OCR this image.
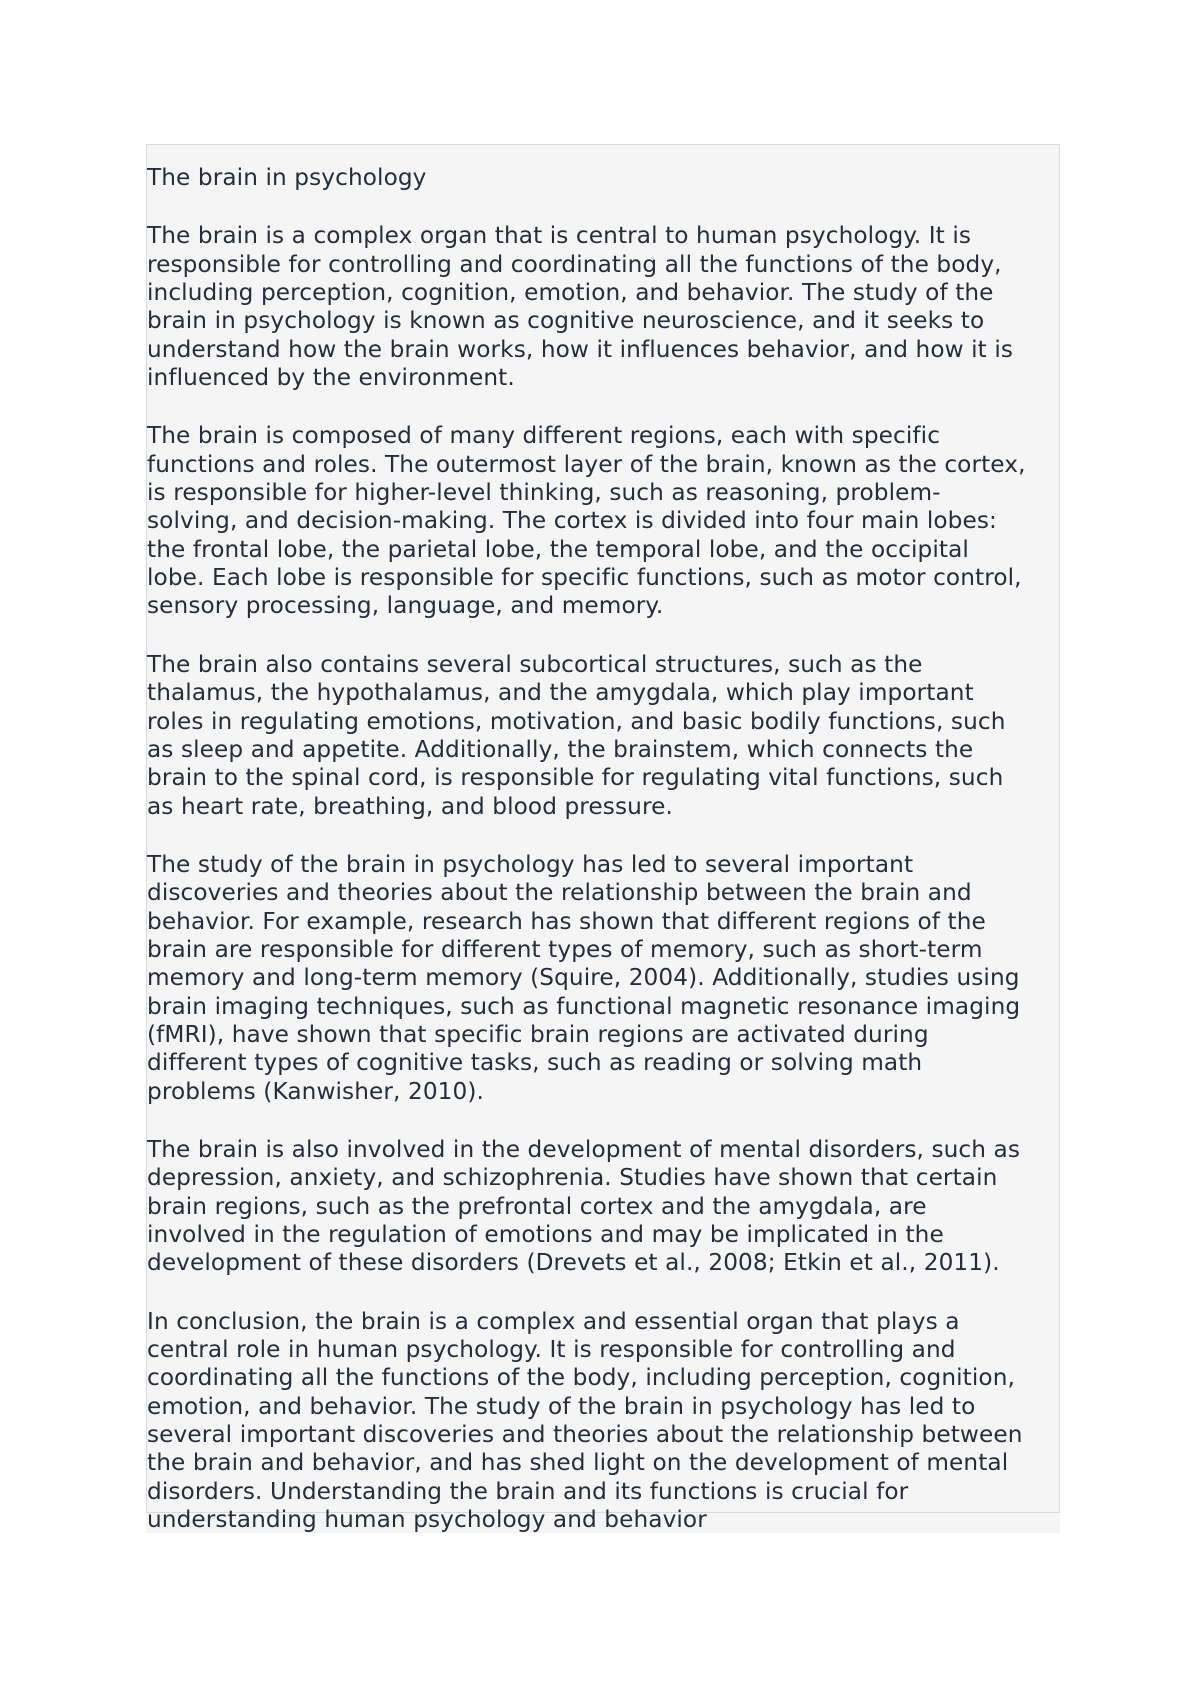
The brain in psychology

The brain is a complex organ that is central to human psychology. It is
responsible for controlling and coordinating all the functions of the body,
including perception, cognition, emotion, and behavior. The study of the
brain in psychology is known as cognitive neuroscience, and it seeks to
understand how the brain works, how it influences behavior, and how it is
influenced by the environment.

The brain is composed of many different regions, each with specific
functions and roles. The outermost layer of the brain, known as the cortex,
is responsible for higher-level thinking, such as reasoning, problem-
solving, and decision-making. The cortex is divided into four main lobes:
the frontal lobe, the parietal lobe, the temporal lobe, and the occipital
lobe. Each lobe is responsible for specific functions, such as motor control,
sensory processing, language, and memory.

The brain also contains several subcortical structures, such as the
thalamus, the hypothalamus, and the amygdala, which play important
roles in regulating emotions, motivation, and basic bodily functions, such
as sleep and appetite. Additionally, the brainstem, which connects the
brain to the spinal cord, is responsible for regulating vital functions, such
as heart rate, breathing, and blood pressure.

The study of the brain in psychology has led to several important
discoveries and theories about the relationship between the brain and
behavior. For example, research has shown that different regions of the
brain are responsible for different types of memory, such as short-term
memory and long-term memory (Squire, 2004). Additionally, studies using
brain imaging techniques, such as functional magnetic resonance imaging
(fMRI), have shown that specific brain regions are activated during
different types of cognitive tasks, such as reading or solving math
problems (Kanwisher, 2010).

The brain is also involved in the development of mental disorders, such as
depression, anxiety, and schizophrenia. Studies have shown that certain
brain regions, such as the prefrontal cortex and the amygdala, are
involved in the regulation of emotions and may be implicated in the
development of these disorders (Drevets et al., 2008; Etkin et al., 2011).

In conclusion, the brain is a complex and essential organ that plays a
central role in human psychology. It is responsible for controlling and
coordinating all the functions of the body, including perception, cognition,
emotion, and behavior. The study of the brain in psychology has led to
several important discoveries and theories about the relationship between
the brain and behavior, and has shed light on the development of mental
disorders. Understanding the brain and its functions is crucial for
understanding human psychology and behavior
